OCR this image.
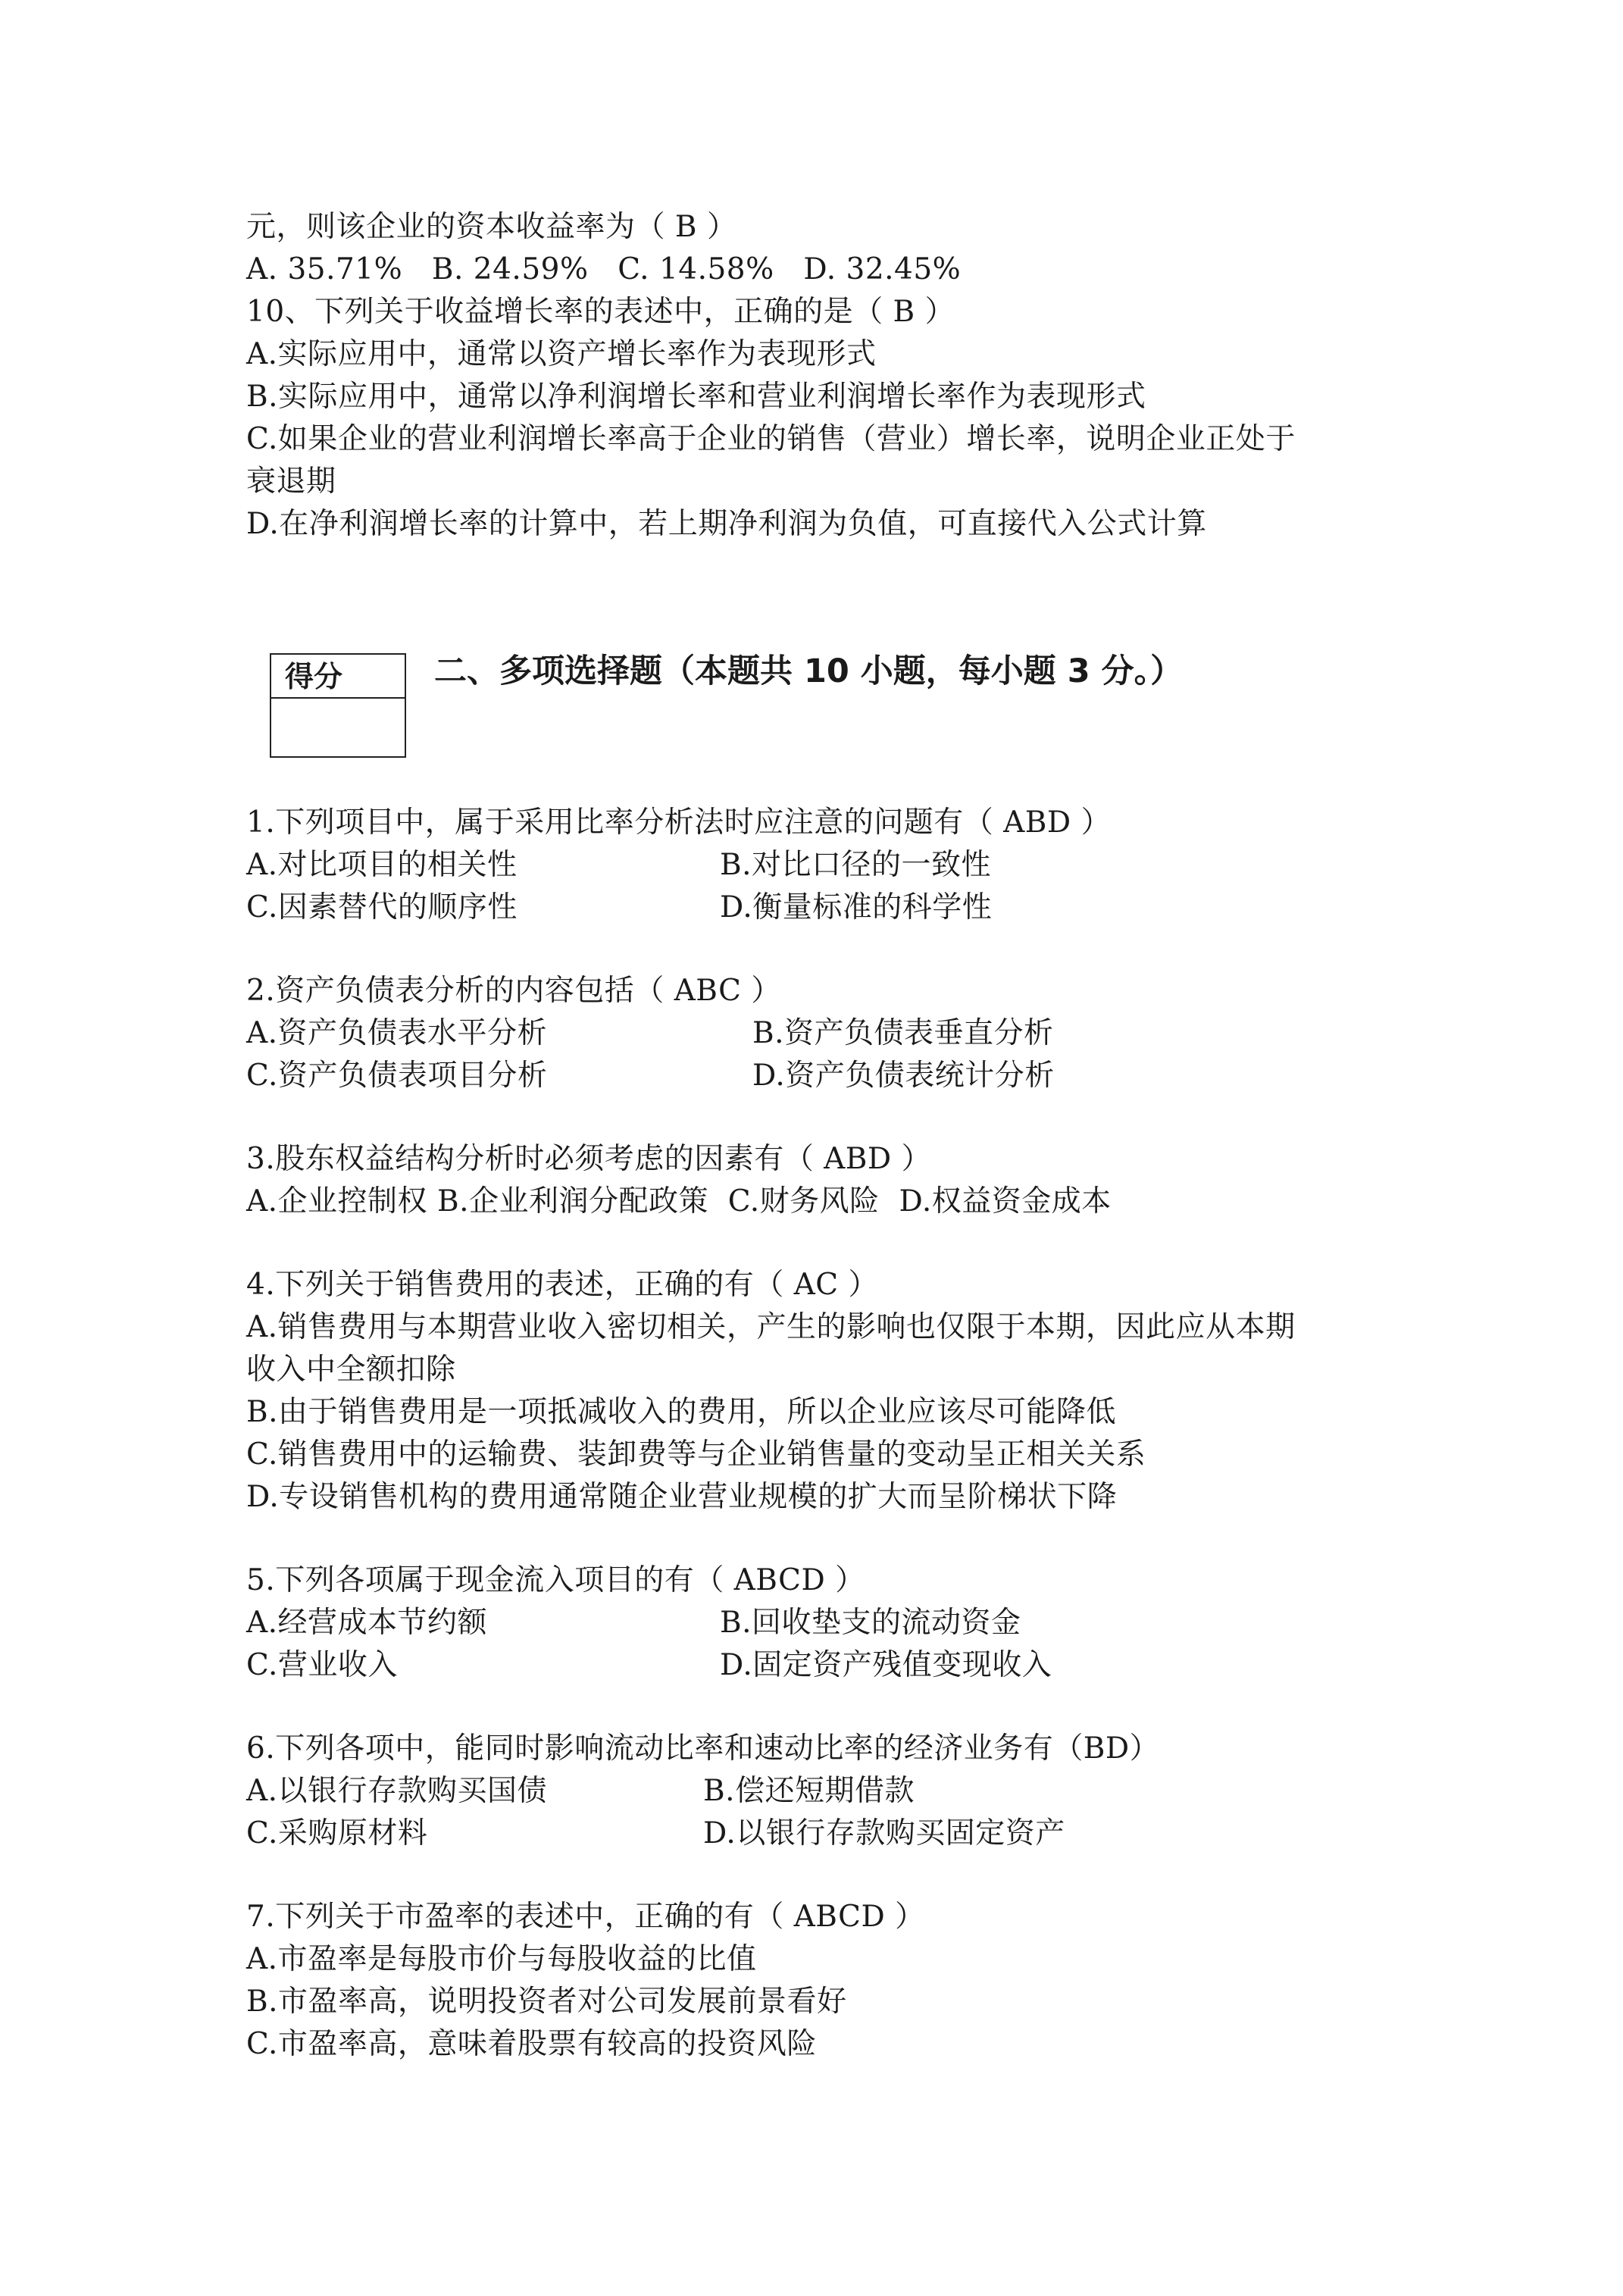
元，则该企业的资本收益率为（ B ）
A. 35.71%   B. 24.59%   C. 14.58%   D. 32.45%
10、下列关于收益增长率的表述中，正确的是（ B ）
A.实际应用中，通常以资产增长率作为表现形式
B.实际应用中，通常以净利润增长率和营业利润增长率作为表现形式
C.如果企业的营业利润增长率高于企业的销售（营业）增长率，说明企业正处于
衰退期
D.在净利润增长率的计算中，若上期净利润为负值，可直接代入公式计算
得分	二、多项选择题（本题共 10 小题，每小题 3 分。）
1.下列项目中，属于采用比率分析法时应注意的问题有（ ABD ）
A.对比项目的相关性	B.对比口径的一致性
C.因素替代的顺序性	D.衡量标准的科学性
2.资产负债表分析的内容包括（ ABC ）
A.资产负债表水平分析	B.资产负债表垂直分析
C.资产负债表项目分析	D.资产负债表统计分析
3.股东权益结构分析时必须考虑的因素有（ ABD ）
A.企业控制权 B.企业利润分配政策  C.财务风险  D.权益资金成本
4.下列关于销售费用的表述，正确的有（ AC ）
A.销售费用与本期营业收入密切相关，产生的影响也仅限于本期，因此应从本期
收入中全额扣除
B.由于销售费用是一项抵减收入的费用，所以企业应该尽可能降低
C.销售费用中的运输费、装卸费等与企业销售量的变动呈正相关关系
D.专设销售机构的费用通常随企业营业规模的扩大而呈阶梯状下降
5.下列各项属于现金流入项目的有（ ABCD ）
A.经营成本节约额	B.回收垫支的流动资金
C.营业收入	D.固定资产残值变现收入
6.下列各项中，能同时影响流动比率和速动比率的经济业务有（BD）
A.以银行存款购买国债	B.偿还短期借款
C.采购原材料	D.以银行存款购买固定资产
7.下列关于市盈率的表述中，正确的有（ ABCD ）
A.市盈率是每股市价与每股收益的比值
B.市盈率高，说明投资者对公司发展前景看好
C.市盈率高，意味着股票有较高的投资风险
